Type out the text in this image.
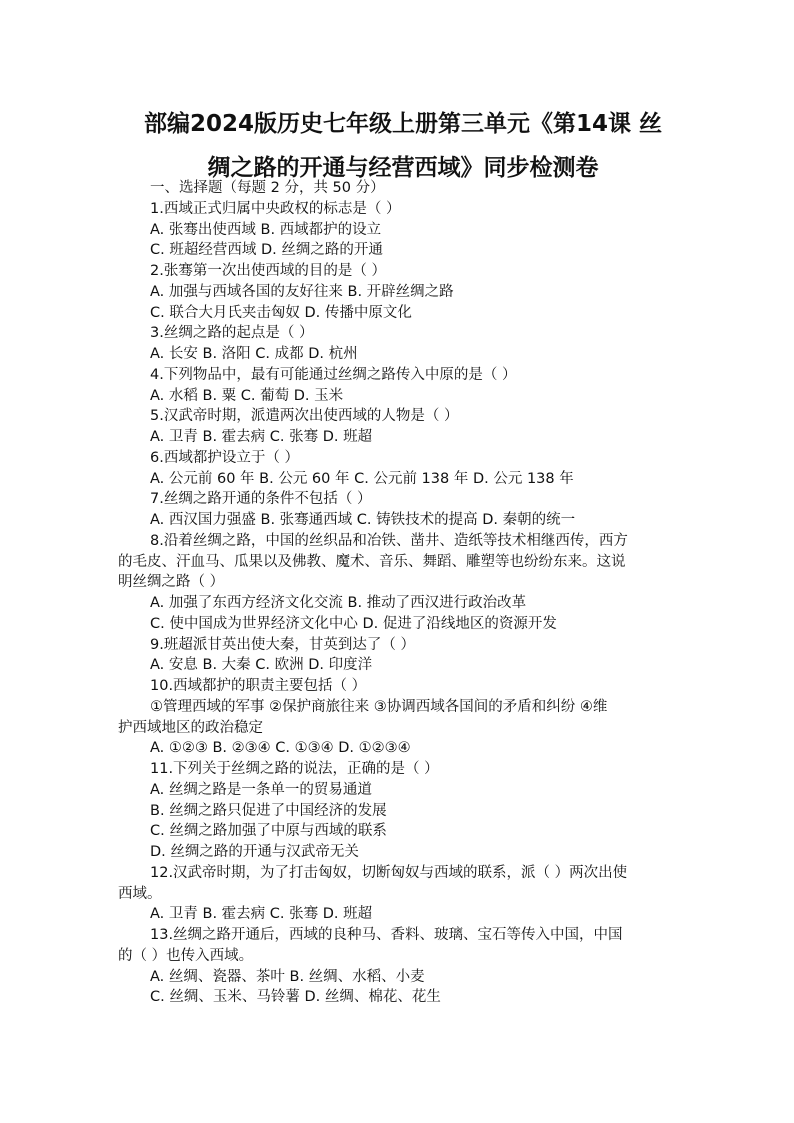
部编2024版历史七年级上册第三单元《第14课 丝
绸之路的开通与经营西域》同步检测卷
一、选择题（每题 2 分，共 50 分）
1.西域正式归属中央政权的标志是（ ）
A. 张骞出使西域 B. 西域都护的设立
C. 班超经营西域 D. 丝绸之路的开通
2.张骞第一次出使西域的目的是（ ）
A. 加强与西域各国的友好往来 B. 开辟丝绸之路
C. 联合大月氏夹击匈奴 D. 传播中原文化
3.丝绸之路的起点是（ ）
A. 长安 B. 洛阳 C. 成都 D. 杭州
4.下列物品中，最有可能通过丝绸之路传入中原的是（ ）
A. 水稻 B. 粟 C. 葡萄 D. 玉米
5.汉武帝时期，派遣两次出使西域的人物是（ ）
A. 卫青 B. 霍去病 C. 张骞 D. 班超
6.西域都护设立于（ ）
A. 公元前 60 年 B. 公元 60 年 C. 公元前 138 年 D. 公元 138 年
7.丝绸之路开通的条件不包括（ ）
A. 西汉国力强盛 B. 张骞通西域 C. 铸铁技术的提高 D. 秦朝的统一
8.沿着丝绸之路，中国的丝织品和冶铁、凿井、造纸等技术相继西传，西方
的毛皮、汗血马、瓜果以及佛教、魔术、音乐、舞蹈、雕塑等也纷纷东来。这说
明丝绸之路（ ）
A. 加强了东西方经济文化交流 B. 推动了西汉进行政治改革
C. 使中国成为世界经济文化中心 D. 促进了沿线地区的资源开发
9.班超派甘英出使大秦，甘英到达了（ ）
A. 安息 B. 大秦 C. 欧洲 D. 印度洋
10.西域都护的职责主要包括（ ）
①管理西域的军事 ②保护商旅往来 ③协调西域各国间的矛盾和纠纷 ④维
护西域地区的政治稳定
A. ①②③ B. ②③④ C. ①③④ D. ①②③④
11.下列关于丝绸之路的说法，正确的是（ ）
A. 丝绸之路是一条单一的贸易通道
B. 丝绸之路只促进了中国经济的发展
C. 丝绸之路加强了中原与西域的联系
D. 丝绸之路的开通与汉武帝无关
12.汉武帝时期，为了打击匈奴，切断匈奴与西域的联系，派（ ）两次出使
西域。
A. 卫青 B. 霍去病 C. 张骞 D. 班超
13.丝绸之路开通后，西域的良种马、香料、玻璃、宝石等传入中国，中国
的（ ）也传入西域。
A. 丝绸、瓷器、茶叶 B. 丝绸、水稻、小麦
C. 丝绸、玉米、马铃薯 D. 丝绸、棉花、花生
